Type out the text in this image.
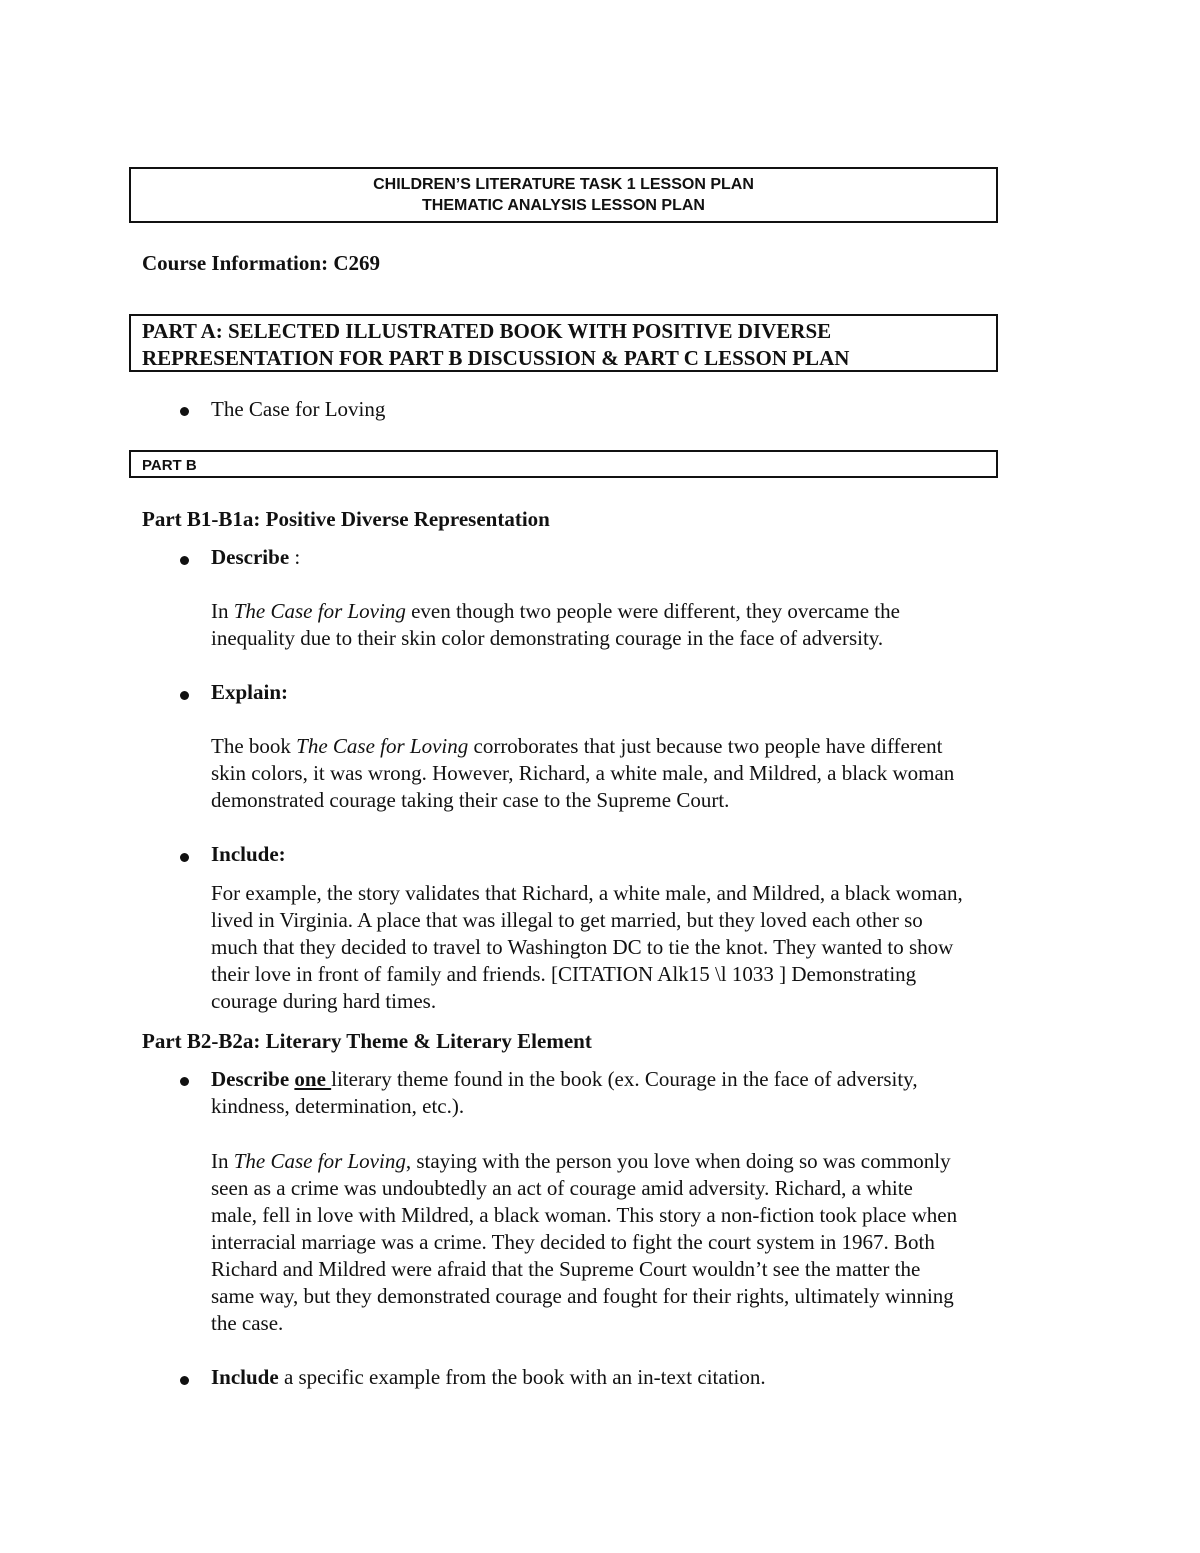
CHILDREN’S LITERATURE TASK 1 LESSON PLAN
THEMATIC ANALYSIS LESSON PLAN
Course Information: C269
PART A: SELECTED ILLUSTRATED BOOK WITH POSITIVE DIVERSE
REPRESENTATION FOR PART B DISCUSSION & PART C LESSON PLAN
The Case for Loving
PART B
Part B1-B1a: Positive Diverse Representation
Describe :
In The Case for Loving even though two people were different, they overcame the
inequality due to their skin color demonstrating courage in the face of adversity.
Explain:
The book The Case for Loving corroborates that just because two people have different
skin colors, it was wrong. However, Richard, a white male, and Mildred, a black woman
demonstrated courage taking their case to the Supreme Court.
Include:
For example, the story validates that Richard, a white male, and Mildred, a black woman,
lived in Virginia. A place that was illegal to get married, but they loved each other so
much that they decided to travel to Washington DC to tie the knot. They wanted to show
their love in front of family and friends. [CITATION Alk15 \l 1033 ] Demonstrating
courage during hard times.
Part B2-B2a: Literary Theme & Literary Element
Describe one literary theme found in the book (ex. Courage in the face of adversity,
kindness, determination, etc.).
In The Case for Loving, staying with the person you love when doing so was commonly
seen as a crime was undoubtedly an act of courage amid adversity. Richard, a white
male, fell in love with Mildred, a black woman. This story a non-fiction took place when
interracial marriage was a crime. They decided to fight the court system in 1967. Both
Richard and Mildred were afraid that the Supreme Court wouldn’t see the matter the
same way, but they demonstrated courage and fought for their rights, ultimately winning
the case.
Include a specific example from the book with an in-text citation.
